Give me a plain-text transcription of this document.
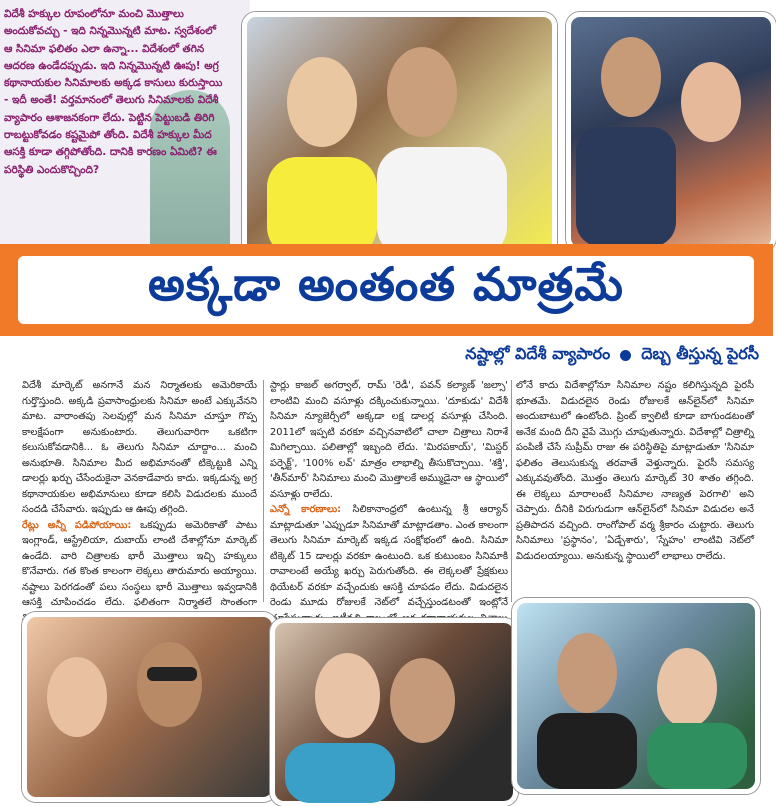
విదేశీ హక్కుల రూపంలోనూ మంచి మొత్తాలు అందుకోవచ్చు - ఇది నిన్నమొన్నటి మాట. స్వదేశంలో ఆ సినిమా ఫలితం ఎలా ఉన్నా... విదేశంలో తగిన ఆదరణ ఉండేదప్పుడు. ఇది నిన్నమొన్నటి ఊపు! అగ్ర కథానాయకుల సినిమాలకు అక్కడ కాసులు కురుస్తాయి - ఇదీ అంతే! వర్తమానంలో తెలుగు సినిమాలకు విదేశీ వ్యాపారం ఆశాజనకంగా లేదు. పెట్టిన పెట్టుబడి తిరిగి రాబట్టుకోవడం కష్టమైపో తోంది. విదేశీ హక్కుల మీద ఆసక్తి కూడా తగ్గిపోతోంది. దానికి కారణం ఏమిటి? ఈ పరిస్థితి ఎందుకొచ్చింది?
అక్కడా అంతంత మాత్రమే
నష్టాల్లో విదేశీ వ్యాపారం దెబ్బ తీస్తున్న పైరసీ
విదేశీ మార్కెట్ అనగానే మన నిర్మాతలకు అమెరికాయే గుర్తొస్తుంది. అక్కడి ప్రవాసాంధ్రులకు సినిమా అంటే ఎక్కువేనని మాట. వారాంతపు సెలవుల్లో మన సినిమా చూస్తూ గొప్ప కాలక్షేపంగా అనుకుంటారు. తెలుగువారిగా ఒకటిగా కలుసుకోవడానికి... ఓ తెలుగు సినిమా చూద్దాం... మంచి అనుభూతి. సినిమాల మీద అభిమానంతో టిక్కెట్టుకి ఎన్ని డాలర్లు ఖర్చు చేసేందుకైనా వెనకాడేవారు కాదు. ఇక్కడున్న అగ్ర కథానాయకుల అభిమానులు కూడా కలిసి విడుదలకు ముందే సందడి చేసేవారు. ఇప్పుడు ఆ ఊపు తగ్గింది.
రేట్లు అన్నీ పడిపోయాయి: ఒకప్పుడు అమెరికాతో పాటు ఇంగ్లాండ్, ఆస్ట్రేలియా, దుబాయ్ లాంటి దేశాల్లోనూ మార్కెట్ ఉండేది. వారి చిత్రాలకు భారీ మొత్తాలు ఇచ్చి హక్కులు కొనేవారు. గత కొంత కాలంగా లెక్కలు తారుమారు అయ్యాయి. నష్టాలు పెరగడంతో పలు సంస్థలు భారీ మొత్తాలు ఇవ్వడానికి ఆసక్తి చూపించడం లేదు. ఫలితంగా నిర్మాతలే సొంతంగా
స్టార్లు కాజల్ అగర్వాల్, రామ్ 'రెడీ', పవన్ కల్యాణ్ 'జల్సా' లాంటివి మంచి వసూళ్లు దక్కించుకున్నాయి. 'దూకుడు' విదేశీ సినిమా న్యూజెర్సీలో అక్కడా లక్ష డాలర్ల వసూళ్లు చేసింది. 2011లో ఇప్పటి వరకూ వచ్చినవాటిలో చాలా చిత్రాలు నిరాశే మిగిల్చాయి. పలితాల్లో ఇబ్బంది లేదు. 'మిరపకాయ్', 'మిస్టర్ పర్ఫెక్ట్', '100% లవ్' మాత్రం లాభాల్ని తీసుకొచ్చాయి. 'శక్తి', 'తీన్‌మార్' సినిమాలు మంచి మొత్తాలకే అమ్ముడైనా ఆ స్థాయిలో వసూళ్లు రాలేదు.
ఎన్నో కారణాలు: సిలికానాంధ్రలో ఉంటున్న శ్రీ ఆర్యాన్ మాట్లాడుతూ 'ఎప్పుడూ సినిమాతో మాట్లాడతాం. ఎంత కాలంగా తెలుగు సినిమా మార్కెట్ ఇక్కడ సంక్షోభంలో ఉంది. సినిమా టిక్కెట్ 15 డాలర్లు వరకూ ఉంటుంది. ఒక కుటుంబం సినిమాకి రావాలంటే అయ్యే ఖర్చు పెరుగుతోంది. ఈ లెక్కలతో ప్రేక్షకులు థియేటర్ వరకూ వచ్చేందుకు ఆసక్తి చూపడం లేదు. విడుదలైన రెండు మూడు రోజులకే నెట్‌లో వచ్చేస్తుండటంతో ఇంట్లోనే
లోనే కాదు విదేశాల్లోనూ సినిమాల నష్టం కలిగిస్తున్నది పైరసీ భూతమే. విడుదలైన రెండు రోజులకే ఆన్‌లైన్‌లో సినిమా అందుబాటులో ఉంటోంది. ప్రింట్ క్వాలిటీ కూడా బాగుండటంతో అనేక మంది దీని వైపే మొగ్గు చూపుతున్నారు. విదేశాల్లో చిత్రాల్ని పంపిణీ చేసే సుప్రీమ్ రాజు ఈ పరిస్థితిపై మాట్లాడుతూ 'సినిమా ఫలితం తెలుసుకున్న తరవాతే వెళ్తున్నారు. పైరసీ సమస్య ఎక్కువవుతోంది. మొత్తం తెలుగు మార్కెట్ 30 శాతం తగ్గింది. ఈ లెక్కలు మారాలంటే సినిమాల నాణ్యత పెరగాలి' అని చెప్పారు. దీనికి విరుగుడుగా ఆన్‌లైన్‌లో సినిమా విడుదల అనే ప్రతిపాదన వచ్చింది. రాంగోపాల్ వర్మ శ్రీకారం చుట్టారు. తెలుగు సినిమాలు 'ప్రస్థానం', 'ఏడ్చేశారు', 'స్నేహం' లాంటివి నెట్‌లో విడుదలయ్యాయి. అనుకున్న స్థాయిలో లాభాలు రాలేదు.
